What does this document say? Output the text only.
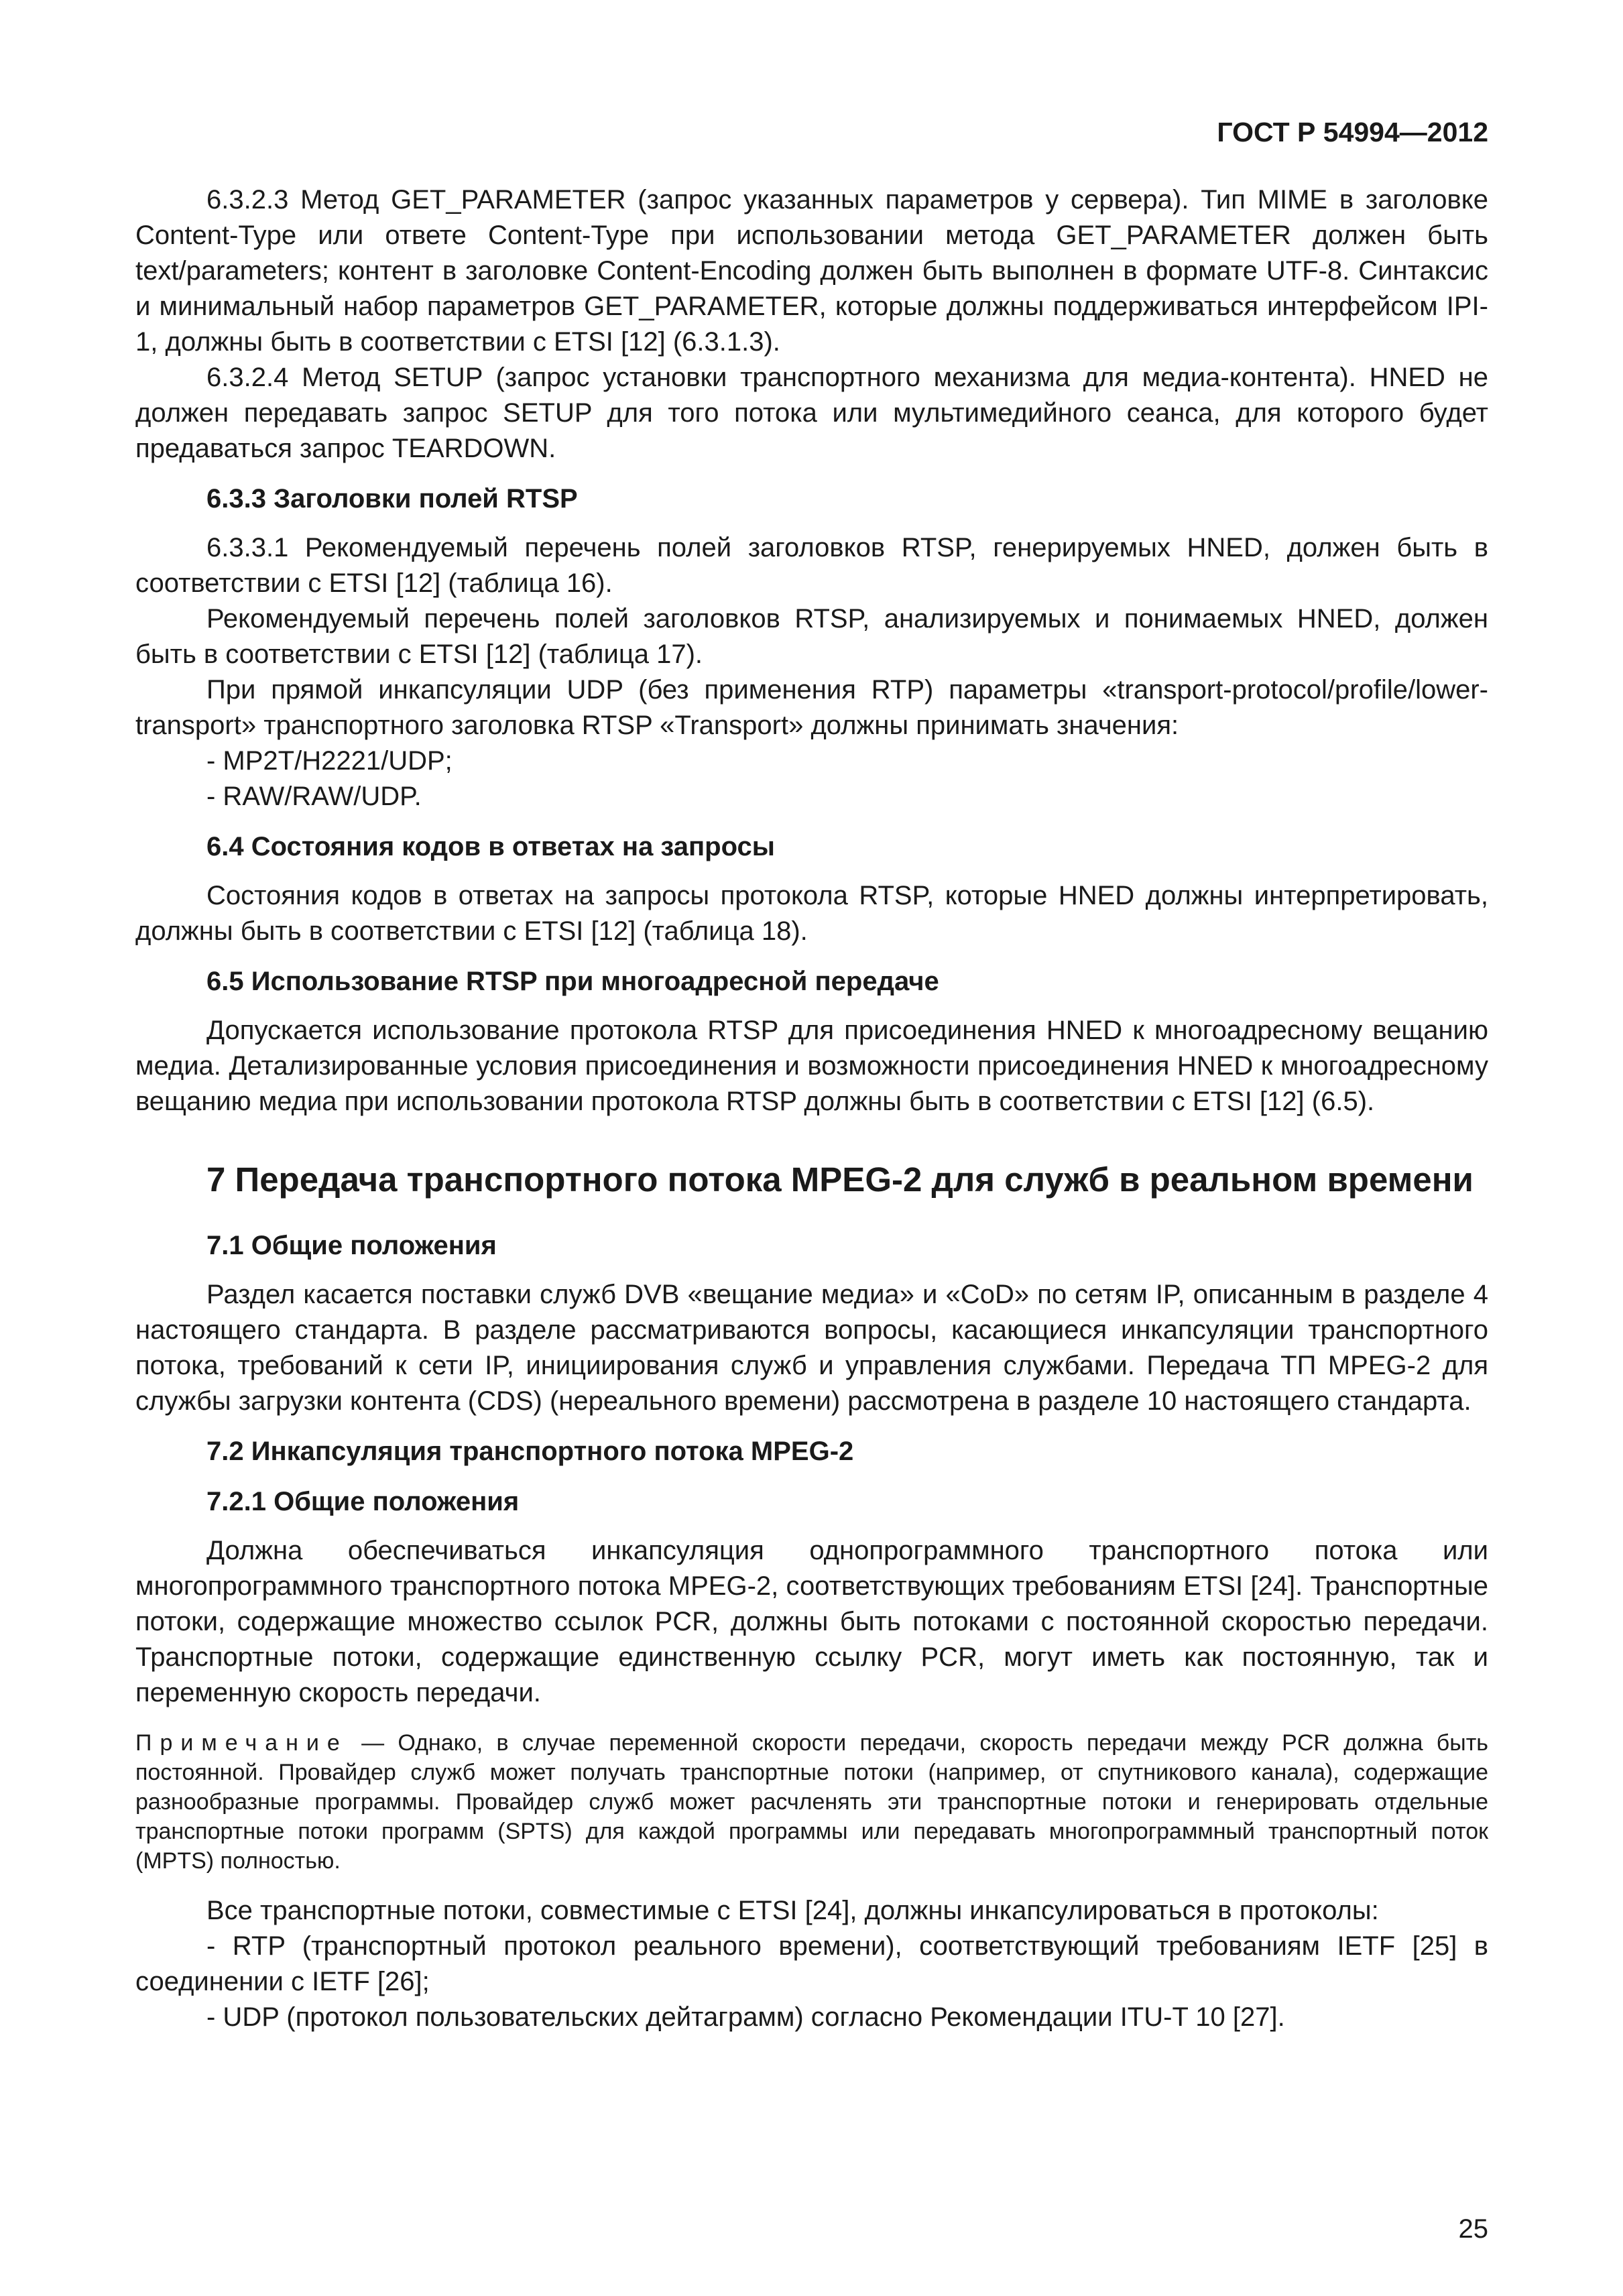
ГОСТ Р 54994—2012

6.3.2.3 Метод GET_PARAMETER (запрос указанных параметров у сервера). Тип MIME в заголовке Content-Type или ответе Content-Type при использовании метода GET_PARAMETER должен быть text/parameters; контент в заголовке Content-Encoding должен быть выполнен в формате UTF-8. Синтаксис и минимальный набор параметров GET_PARAMETER, которые должны поддерживаться интерфейсом IPI-1, должны быть в соответствии с ETSI [12] (6.3.1.3).

6.3.2.4 Метод SETUP (запрос установки транспортного механизма для медиа-контента). HNED не должен передавать запрос SETUP для того потока или мультимедийного сеанса, для которого будет предаваться запрос TEARDOWN.

6.3.3 Заголовки полей RTSP

6.3.3.1 Рекомендуемый перечень полей заголовков RTSP, генерируемых HNED, должен быть в соответствии с ETSI [12] (таблица 16).

Рекомендуемый перечень полей заголовков RTSP, анализируемых и понимаемых HNED, должен быть в соответствии с ETSI [12] (таблица 17).

При прямой инкапсуляции UDP (без применения RTP) параметры «transport-protocol/profile/lower-transport» транспортного заголовка RTSP «Transport» должны принимать значения:

- MP2T/H2221/UDP;

- RAW/RAW/UDP.

6.4 Состояния кодов в ответах на запросы

Состояния кодов в ответах на запросы протокола RTSP, которые HNED должны интерпретировать, должны быть в соответствии с ETSI [12] (таблица 18).

6.5 Использование RTSP при многоадресной передаче

Допускается использование протокола RTSP для присоединения HNED к многоадресному вещанию медиа. Детализированные условия присоединения и возможности присоединения HNED к многоадресному вещанию медиа при использовании протокола RTSP должны быть в соответствии с ETSI [12] (6.5).

7 Передача транспортного потока MPEG-2 для служб в реальном времени
7.1 Общие положения

Раздел касается поставки служб DVB «вещание медиа» и «CoD» по сетям IP, описанным в разделе 4 настоящего стандарта. В разделе рассматриваются вопросы, касающиеся инкапсуляции транспортного потока, требований к сети IP, инициирования служб и управления службами. Передача ТП MPEG-2 для службы загрузки контента (CDS) (нереального времени) рассмотрена в разделе 10 настоящего стандарта.

7.2 Инкапсуляция транспортного потока MPEG-2
7.2.1 Общие положения

Должна обеспечиваться инкапсуляция однопрограммного транспортного потока или многопрограммного транспортного потока MPEG-2, соответствующих требованиям ETSI [24]. Транспортные потоки, содержащие множество ссылок PCR, должны быть потоками с постоянной скоростью передачи. Транспортные потоки, содержащие единственную ссылку PCR, могут иметь как постоянную, так и переменную скорость передачи.

Примечание — Однако, в случае переменной скорости передачи, скорость передачи между PCR должна быть постоянной. Провайдер служб может получать транспортные потоки (например, от спутникового канала), содержащие разнообразные программы. Провайдер служб может расчленять эти транспортные потоки и генерировать отдельные транспортные потоки программ (SPTS) для каждой программы или передавать многопрограммный транспортный поток (MPTS) полностью.

Все транспортные потоки, совместимые с ETSI [24], должны инкапсулироваться в протоколы:

- RTP (транспортный протокол реального времени), соответствующий требованиям IETF [25] в соединении с IETF [26];

- UDP (протокол пользовательских дейтаграмм) согласно Рекомендации ITU-T 10 [27].

25
